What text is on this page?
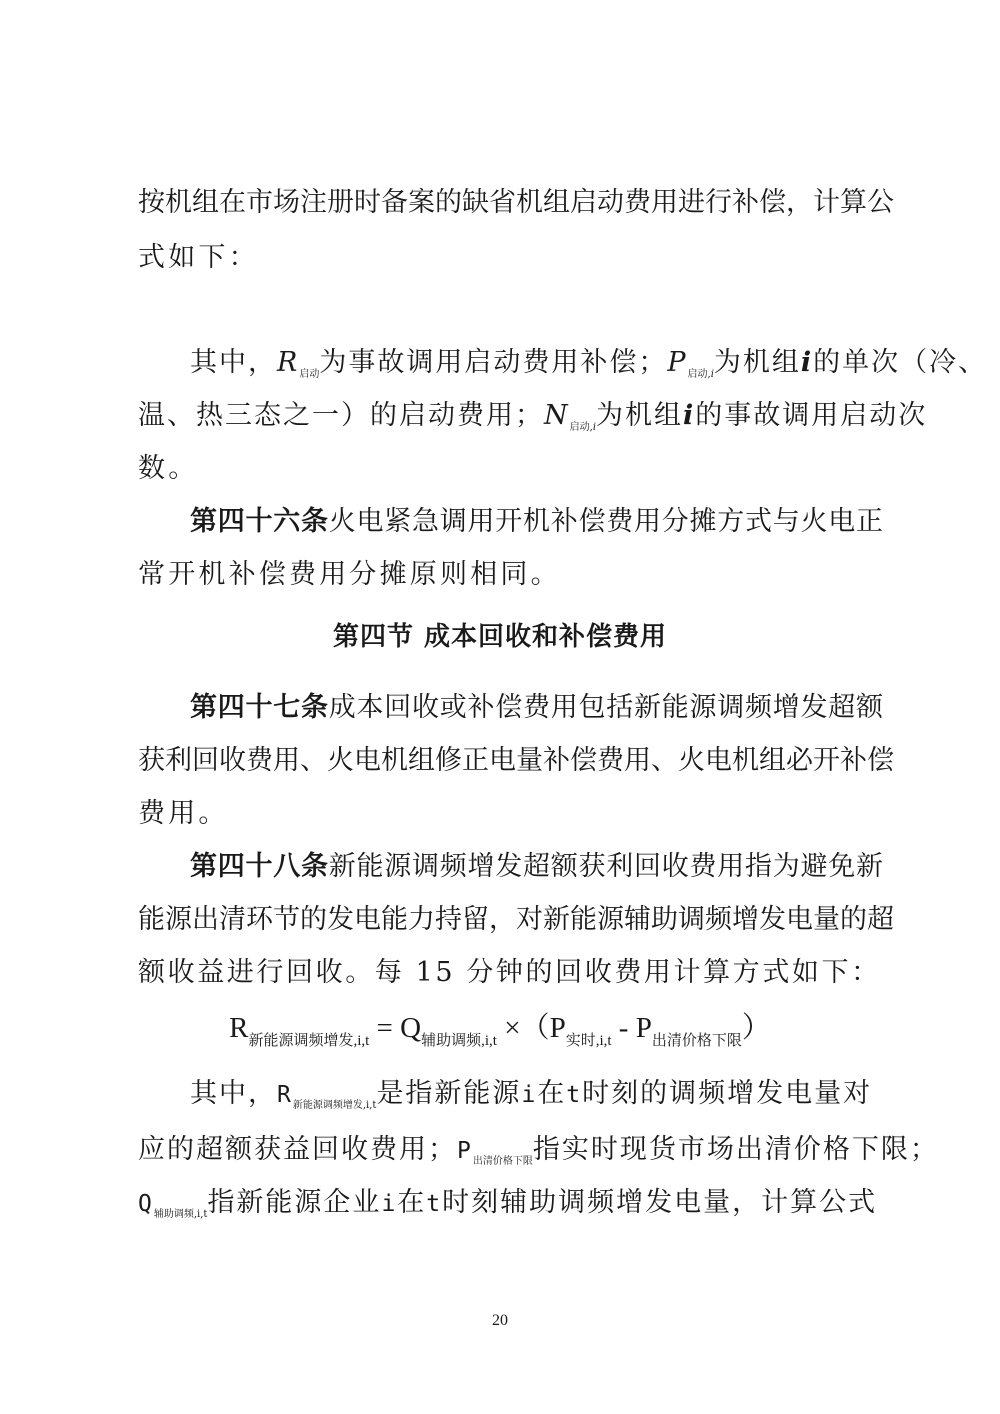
按机组在市场注册时备案的缺省机组启动费用进行补偿，计算公
式如下：
其中，$R_{启动}$为事故调用启动费用补偿；$P_{启动,i}$为机组i的单次（冷、
温、热三态之一）的启动费用；$N_{启动,i}$为机组i的事故调用启动次
数。
第四十六条火电紧急调用开机补偿费用分摊方式与火电正
常开机补偿费用分摊原则相同。
第四节 成本回收和补偿费用
第四十七条成本回收或补偿费用包括新能源调频增发超额
获利回收费用、火电机组修正电量补偿费用、火电机组必开补偿
费用。
第四十八条新能源调频增发超额获利回收费用指为避免新
能源出清环节的发电能力持留，对新能源辅助调频增发电量的超
额收益进行回收。每 15 分钟的回收费用计算方式如下：
$R_{新能源调频增发,i,t} = Q_{辅助调频,i,t} \times(P_{实时,i,t} - P_{出清价格下限})$
其中，$R_{新能源调频增发,i,t}$是指新能源i在t时刻的调频增发电量对
应的超额获益回收费用；$P_{出清价格下限}$指实时现货市场出清价格下限；
$Q_{辅助调频,i,t}$指新能源企业i在t时刻辅助调频增发电量，计算公式
20
